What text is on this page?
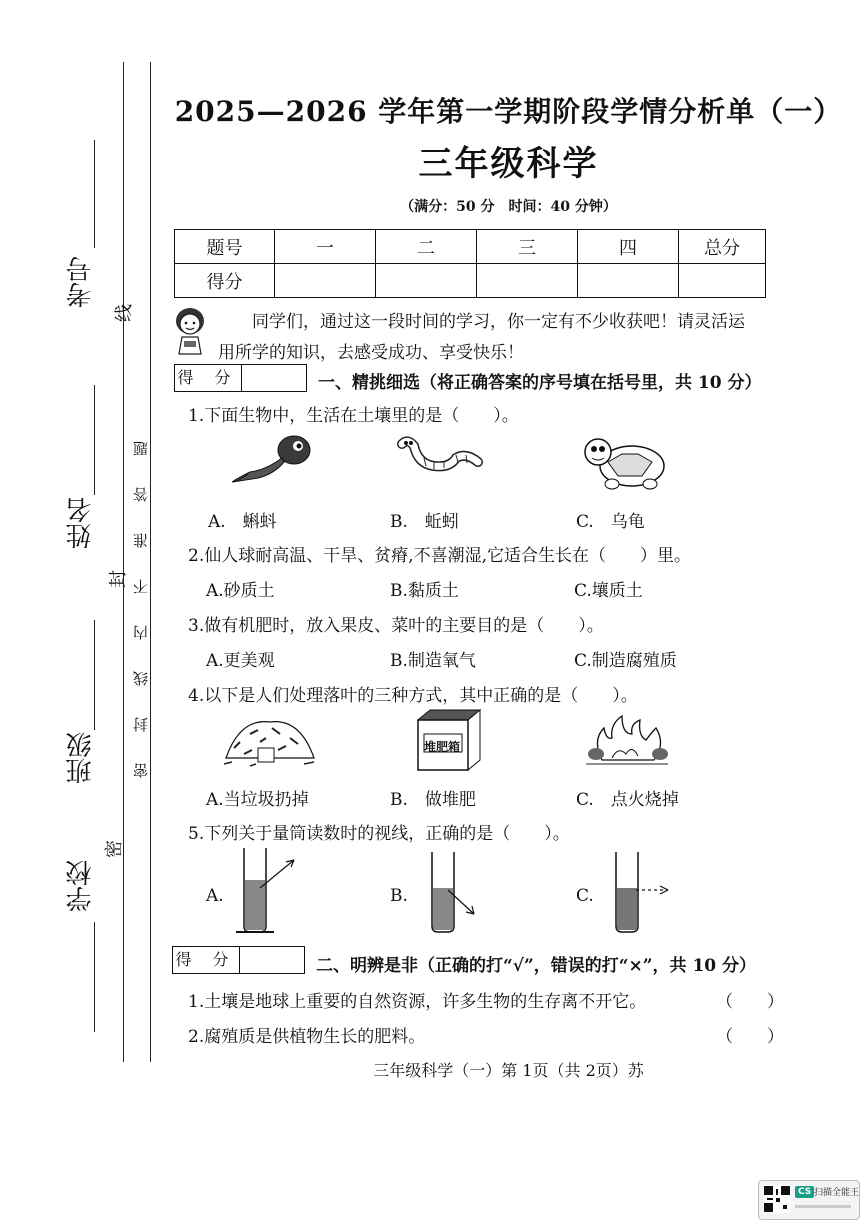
考号
姓名
班级
学校
线
封
密
密封线内不准答题
2025—2026 学年第一学期阶段学情分析单（一）
三年级科学
（满分：50 分　时间：40 分钟）
题号	一	二	三	四	总分
得分					
同学们，通过这一段时间的学习，你一定有不少收获吧！请灵活运
用所学的知识，去感受成功、享受快乐！
得 分	一、精挑细选（将正确答案的序号填在括号里，共 10 分）
1.下面生物中，生活在土壤里的是（　　）。
A.　蝌蚪	B.　蚯蚓	C.　乌龟
2.仙人球耐高温、干旱、贫瘠,不喜潮湿,它适合生长在（　　）里。
A.砂质土	B.黏质土	C.壤质土
3.做有机肥时，放入果皮、菜叶的主要目的是（　　）。
A.更美观	B.制造氧气	C.制造腐殖质
4.以下是人们处理落叶的三种方式，其中正确的是（　　）。
堆肥箱
A.当垃圾扔掉	B.　做堆肥	C.　点火烧掉
5.下列关于量筒读数时的视线，正确的是（　　）。
A.	B.	C.
得 分	二、明辨是非（正确的打“√”，错误的打“×”，共 10 分）
1.土壤是地球上重要的自然资源，许多生物的生存离不开它。	（　　）
2.腐殖质是供植物生长的肥料。	（　　）
三年级科学（一）第 1页（共 2页）苏
CS 扫描全能王
